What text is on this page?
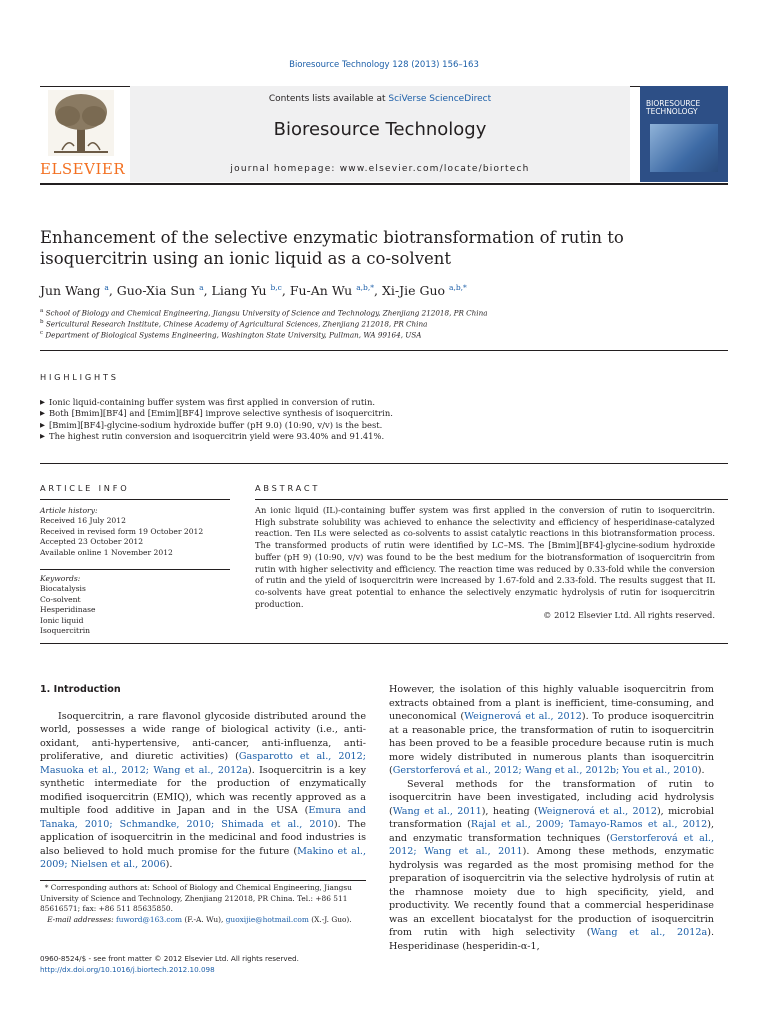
Bioresource Technology 128 (2013) 156–163
ELSEVIER
Contents lists available at SciVerse ScienceDirect
Bioresource Technology
journal homepage: www.elsevier.com/locate/biortech
BIORESOURCE TECHNOLOGY
Enhancement of the selective enzymatic biotransformation of rutin to isoquercitrin using an ionic liquid as a co-solvent
Jun Wang $^a$, Guo-Xia Sun $^a$, Liang Yu $^{b,c}$, Fu-An Wu $^{a,b,*}$, Xi-Jie Guo $^{a,b,*}$
$^a$ School of Biology and Chemical Engineering, Jiangsu University of Science and Technology, Zhenjiang 212018, PR China
$^b$ Sericultural Research Institute, Chinese Academy of Agricultural Sciences, Zhenjiang 212018, PR China
$^c$ Department of Biological Systems Engineering, Washington State University, Pullman, WA 99164, USA
HIGHLIGHTS
▶ Ionic liquid-containing buffer system was first applied in conversion of rutin.
▶ Both [Bmim][BF4] and [Emim][BF4] improve selective synthesis of isoquercitrin.
▶ [Bmim][BF4]-glycine-sodium hydroxide buffer (pH 9.0) (10:90, v/v) is the best.
▶ The highest rutin conversion and isoquercitrin yield were 93.40% and 91.41%.
ARTICLE INFO
Article history:
Received 16 July 2012
Received in revised form 19 October 2012
Accepted 23 October 2012
Available online 1 November 2012
Keywords:
Biocatalysis
Co-solvent
Hesperidinase
Ionic liquid
Isoquercitrin
ABSTRACT
An ionic liquid (IL)-containing buffer system was first applied in the conversion of rutin to isoquercitrin. High substrate solubility was achieved to enhance the selectivity and efficiency of hesperidinase-catalyzed reaction. Ten ILs were selected as co-solvents to assist catalytic reactions in this biotransformation process. The transformed products of rutin were identified by LC–MS. The [Bmim][BF4]-glycine-sodium hydroxide buffer (pH 9) (10:90, v/v) was found to be the best medium for the biotransformation of isoquercitrin from rutin with higher selectivity and efficiency. The reaction time was reduced by 0.33-fold while the conversion of rutin and the yield of isoquercitrin were increased by 1.67-fold and 2.33-fold. The results suggest that IL co-solvents have great potential to enhance the selectively enzymatic hydrolysis of rutin for isoquercitrin production.
© 2012 Elsevier Ltd. All rights reserved.
1. Introduction

Isoquercitrin, a rare flavonol glycoside distributed around the world, possesses a wide range of biological activity (i.e., anti-oxidant, anti-hypertensive, anti-cancer, anti-influenza, anti-proliferative, and diuretic activities) (Gasparotto et al., 2012; Masuoka et al., 2012; Wang et al., 2012a). Isoquercitrin is a key synthetic intermediate for the production of enzymatically modified isoquercitrin (EMIQ), which was recently approved as a multiple food additive in Japan and in the USA (Emura and Tanaka, 2010; Schmandke, 2010; Shimada et al., 2010). The application of isoquercitrin in the medicinal and food industries is also believed to hold much promise for the future (Makino et al., 2009; Nielsen et al., 2006).

* Corresponding authors at: School of Biology and Chemical Engineering, Jiangsu University of Science and Technology, Zhenjiang 212018, PR China. Tel.: +86 511 85616571; fax: +86 511 85635850.
E-mail addresses: fuword@163.com (F.-A. Wu), guoxijie@hotmail.com (X.-J. Guo).
0960-8524/$ - see front matter © 2012 Elsevier Ltd. All rights reserved.
http://dx.doi.org/10.1016/j.biortech.2012.10.098

However, the isolation of this highly valuable isoquercitrin from extracts obtained from a plant is inefficient, time-consuming, and uneconomical (Weignerová et al., 2012). To produce isoquercitrin at a reasonable price, the transformation of rutin to isoquercitrin has been proved to be a feasible procedure because rutin is much more widely distributed in numerous plants than isoquercitrin (Gerstorferová et al., 2012; Wang et al., 2012b; You et al., 2010).

Several methods for the transformation of rutin to isoquercitrin have been investigated, including acid hydrolysis (Wang et al., 2011), heating (Weignerová et al., 2012), microbial transformation (Rajal et al., 2009; Tamayo-Ramos et al., 2012), and enzymatic transformation techniques (Gerstorferová et al., 2012; Wang et al., 2011). Among these methods, enzymatic hydrolysis was regarded as the most promising method for the preparation of isoquercitrin via the selective hydrolysis of rutin at the rhamnose moiety due to high specificity, yield, and productivity. We recently found that a commercial hesperidinase was an excellent biocatalyst for the production of isoquercitrin from rutin with high selectivity (Wang et al., 2012a). Hesperidinase (hesperidin-α-1,
